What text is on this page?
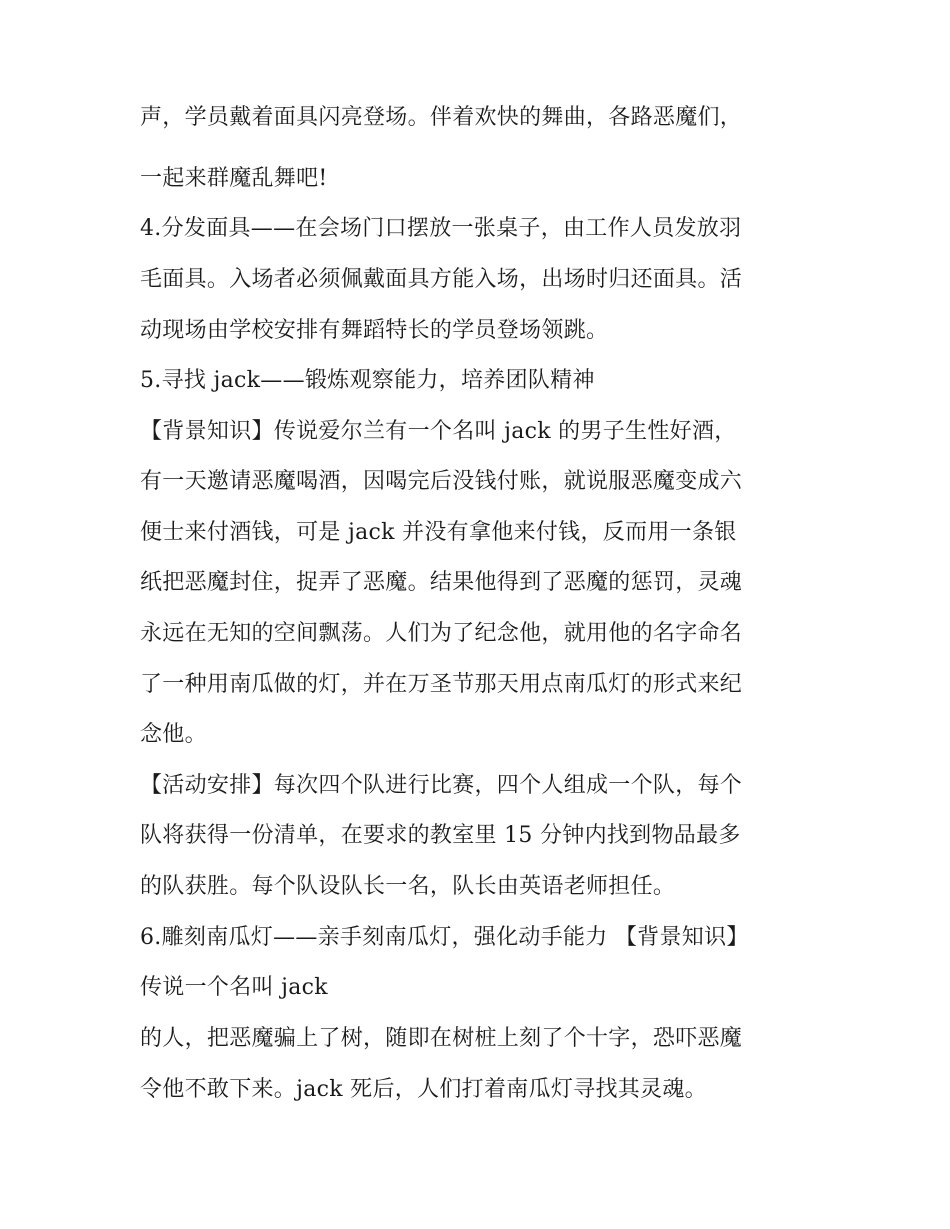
声，学员戴着面具闪亮登场。伴着欢快的舞曲，各路恶魔们，
一起来群魔乱舞吧!
4.分发面具——在会场门口摆放一张桌子，由工作人员发放羽
毛面具。入场者必须佩戴面具方能入场，出场时归还面具。活
动现场由学校安排有舞蹈特长的学员登场领跳。
5.寻找 jack——锻炼观察能力，培养团队精神
【背景知识】传说爱尔兰有一个名叫 jack 的男子生性好酒，
有一天邀请恶魔喝酒，因喝完后没钱付账，就说服恶魔变成六
便士来付酒钱，可是 jack 并没有拿他来付钱，反而用一条银
纸把恶魔封住，捉弄了恶魔。结果他得到了恶魔的惩罚，灵魂
永远在无知的空间飘荡。人们为了纪念他，就用他的名字命名
了一种用南瓜做的灯，并在万圣节那天用点南瓜灯的形式来纪
念他。
【活动安排】每次四个队进行比赛，四个人组成一个队，每个
队将获得一份清单，在要求的教室里 15 分钟内找到物品最多
的队获胜。每个队设队长一名，队长由英语老师担任。
6.雕刻南瓜灯——亲手刻南瓜灯，强化动手能力 【背景知识】
传说一个名叫 jack
的人，把恶魔骗上了树，随即在树桩上刻了个十字，恐吓恶魔
令他不敢下来。jack 死后，人们打着南瓜灯寻找其灵魂。
